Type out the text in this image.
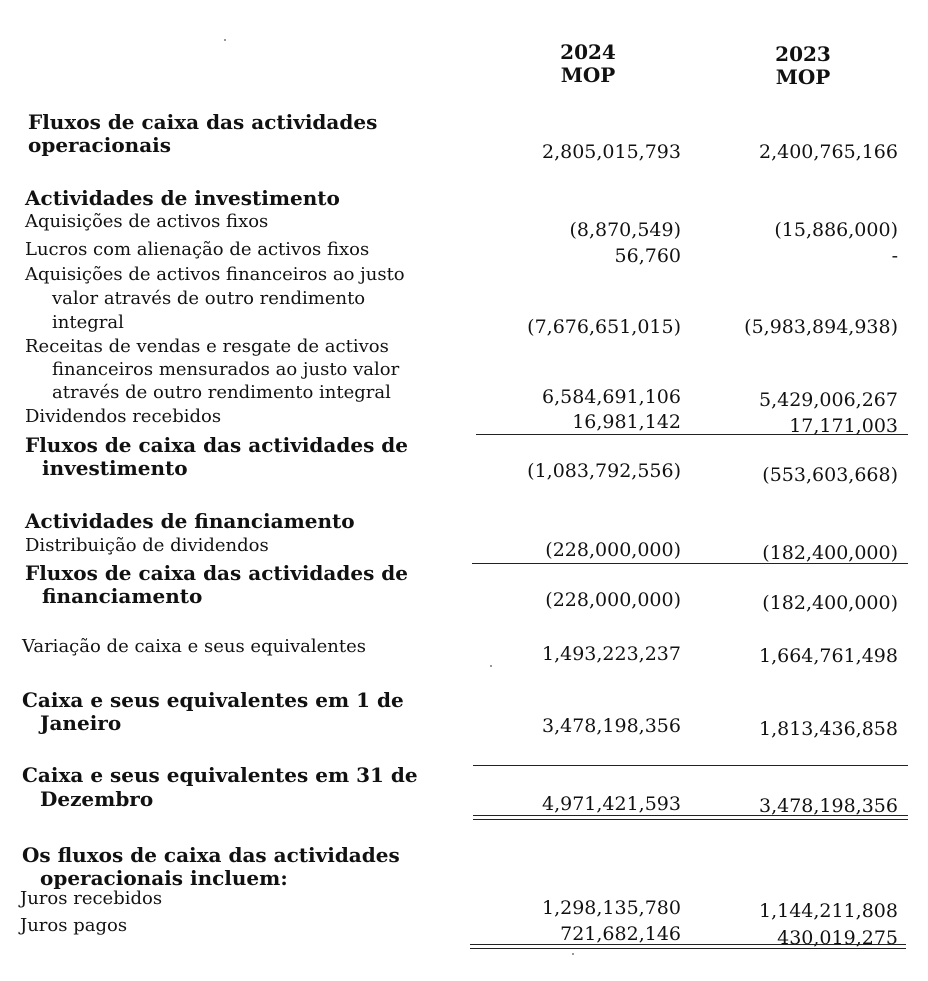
2024
MOP
2023
MOP
Fluxos de caixa das actividades
operacionais	2,805,015,793	2,400,765,166
Actividades de investimento
Aquisições de activos fixos	(8,870,549)	(15,886,000)
Lucros com alienação de activos fixos	56,760	-
Aquisições de activos financeiros ao justo
valor através de outro rendimento
integral	(7,676,651,015)	(5,983,894,938)
Receitas de vendas e resgate de activos
financeiros mensurados ao justo valor
através de outro rendimento integral	6,584,691,106	5,429,006,267
Dividendos recebidos	16,981,142	17,171,003
Fluxos de caixa das actividades de
investimento	(1,083,792,556)	(553,603,668)
Actividades de financiamento
Distribuição de dividendos	(228,000,000)	(182,400,000)
Fluxos de caixa das actividades de
financiamento	(228,000,000)	(182,400,000)
Variação de caixa e seus equivalentes	1,493,223,237	1,664,761,498
Caixa e seus equivalentes em 1 de
Janeiro	3,478,198,356	1,813,436,858
Caixa e seus equivalentes em 31 de
Dezembro	4,971,421,593	3,478,198,356
Os fluxos de caixa das actividades
operacionais incluem:
Juros recebidos	1,298,135,780	1,144,211,808
Juros pagos	721,682,146	430,019,275
